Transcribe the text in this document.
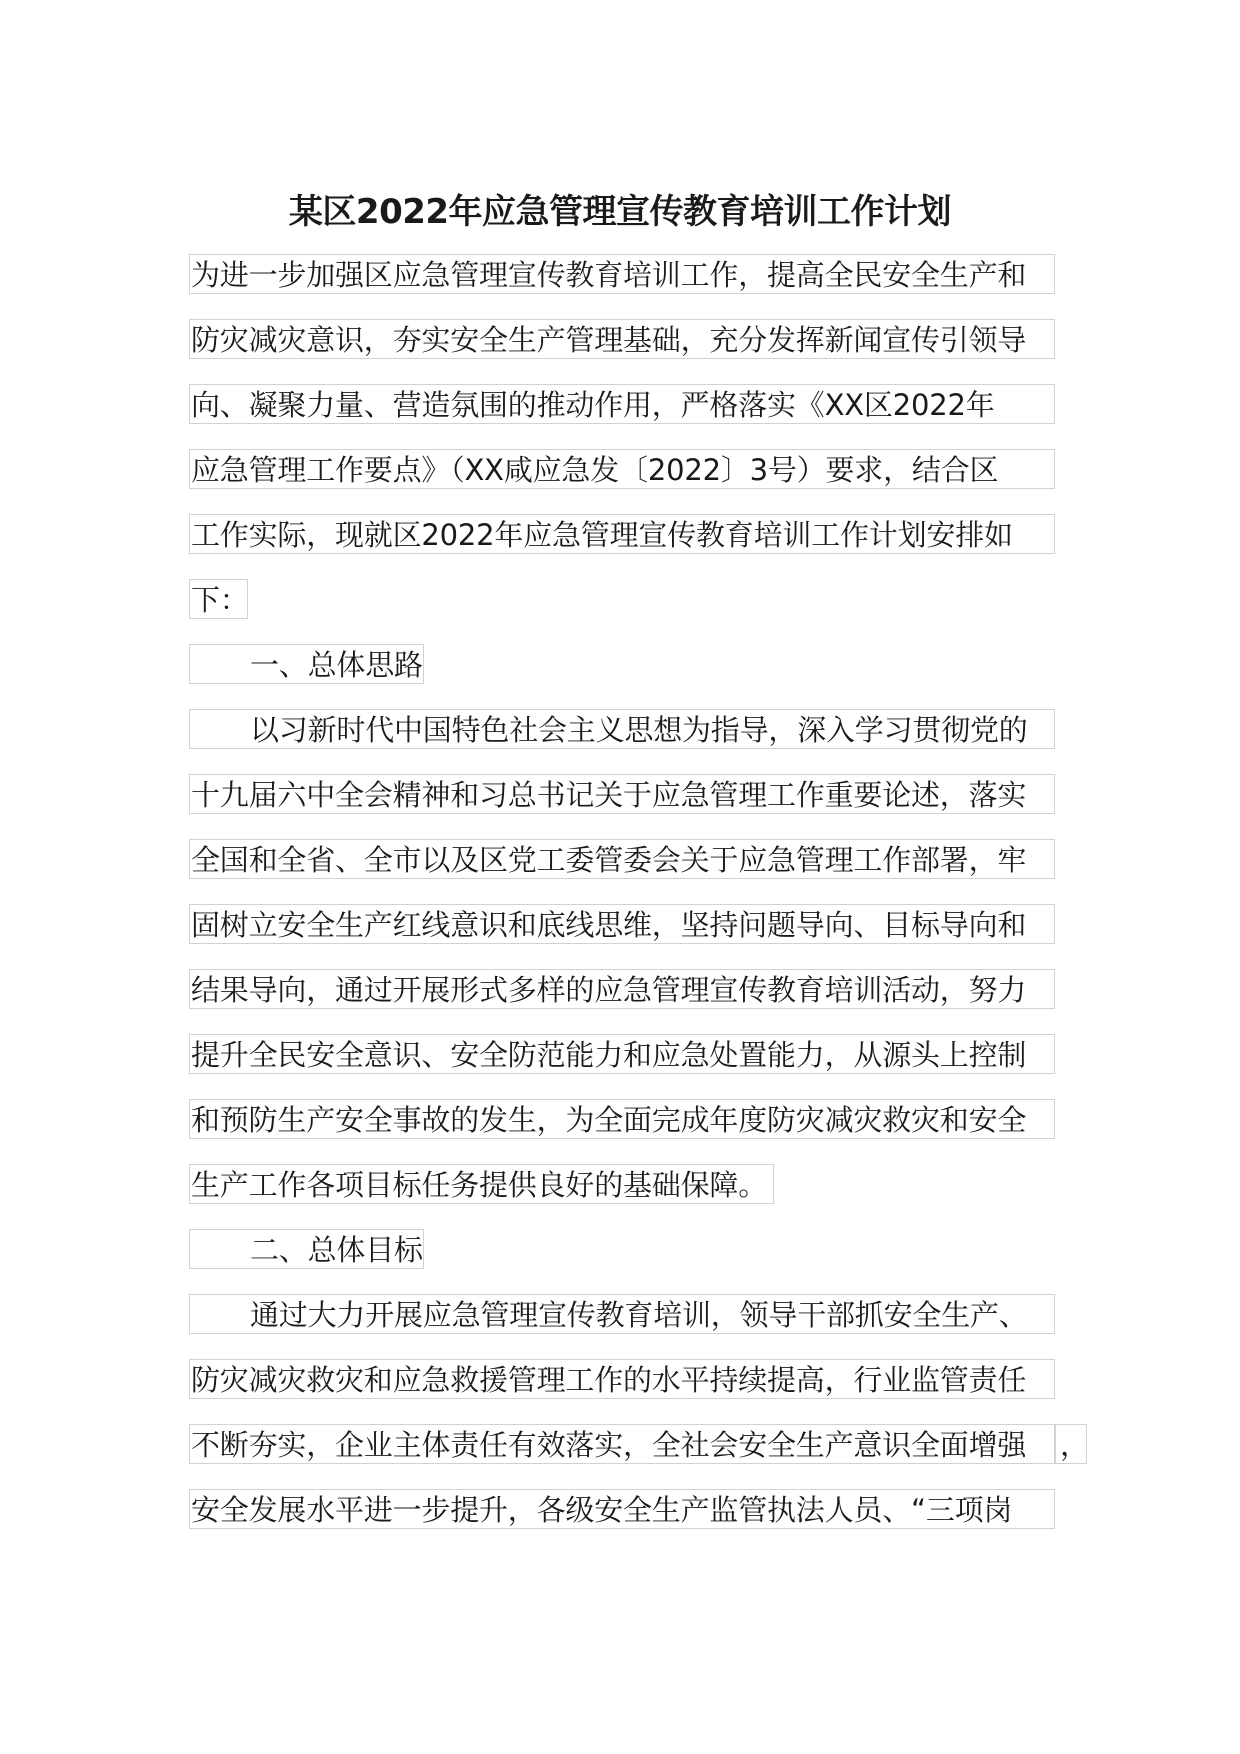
某区2022年应急管理宣传教育培训工作计划
为进一步加强区应急管理宣传教育培训工作，提高全民安全生产和
防灾减灾意识，夯实安全生产管理基础，充分发挥新闻宣传引领导
向、凝聚力量、营造氛围的推动作用，严格落实《XX区2022年
应急管理工作要点》（XX咸应急发〔2022〕3号）要求，结合区
工作实际，现就区2022年应急管理宣传教育培训工作计划安排如
下：
一、总体思路
以习新时代中国特色社会主义思想为指导，深入学习贯彻党的
十九届六中全会精神和习总书记关于应急管理工作重要论述，落实
全国和全省、全市以及区党工委管委会关于应急管理工作部署，牢
固树立安全生产红线意识和底线思维，坚持问题导向、目标导向和
结果导向，通过开展形式多样的应急管理宣传教育培训活动，努力
提升全民安全意识、安全防范能力和应急处置能力，从源头上控制
和预防生产安全事故的发生，为全面完成年度防灾减灾救灾和安全
生产工作各项目标任务提供良好的基础保障。
二、总体目标
通过大力开展应急管理宣传教育培训，领导干部抓安全生产、
防灾减灾救灾和应急救援管理工作的水平持续提高，行业监管责任
不断夯实，企业主体责任有效落实，全社会安全生产意识全面增强	，
安全发展水平进一步提升，各级安全生产监管执法人员、“三项岗
